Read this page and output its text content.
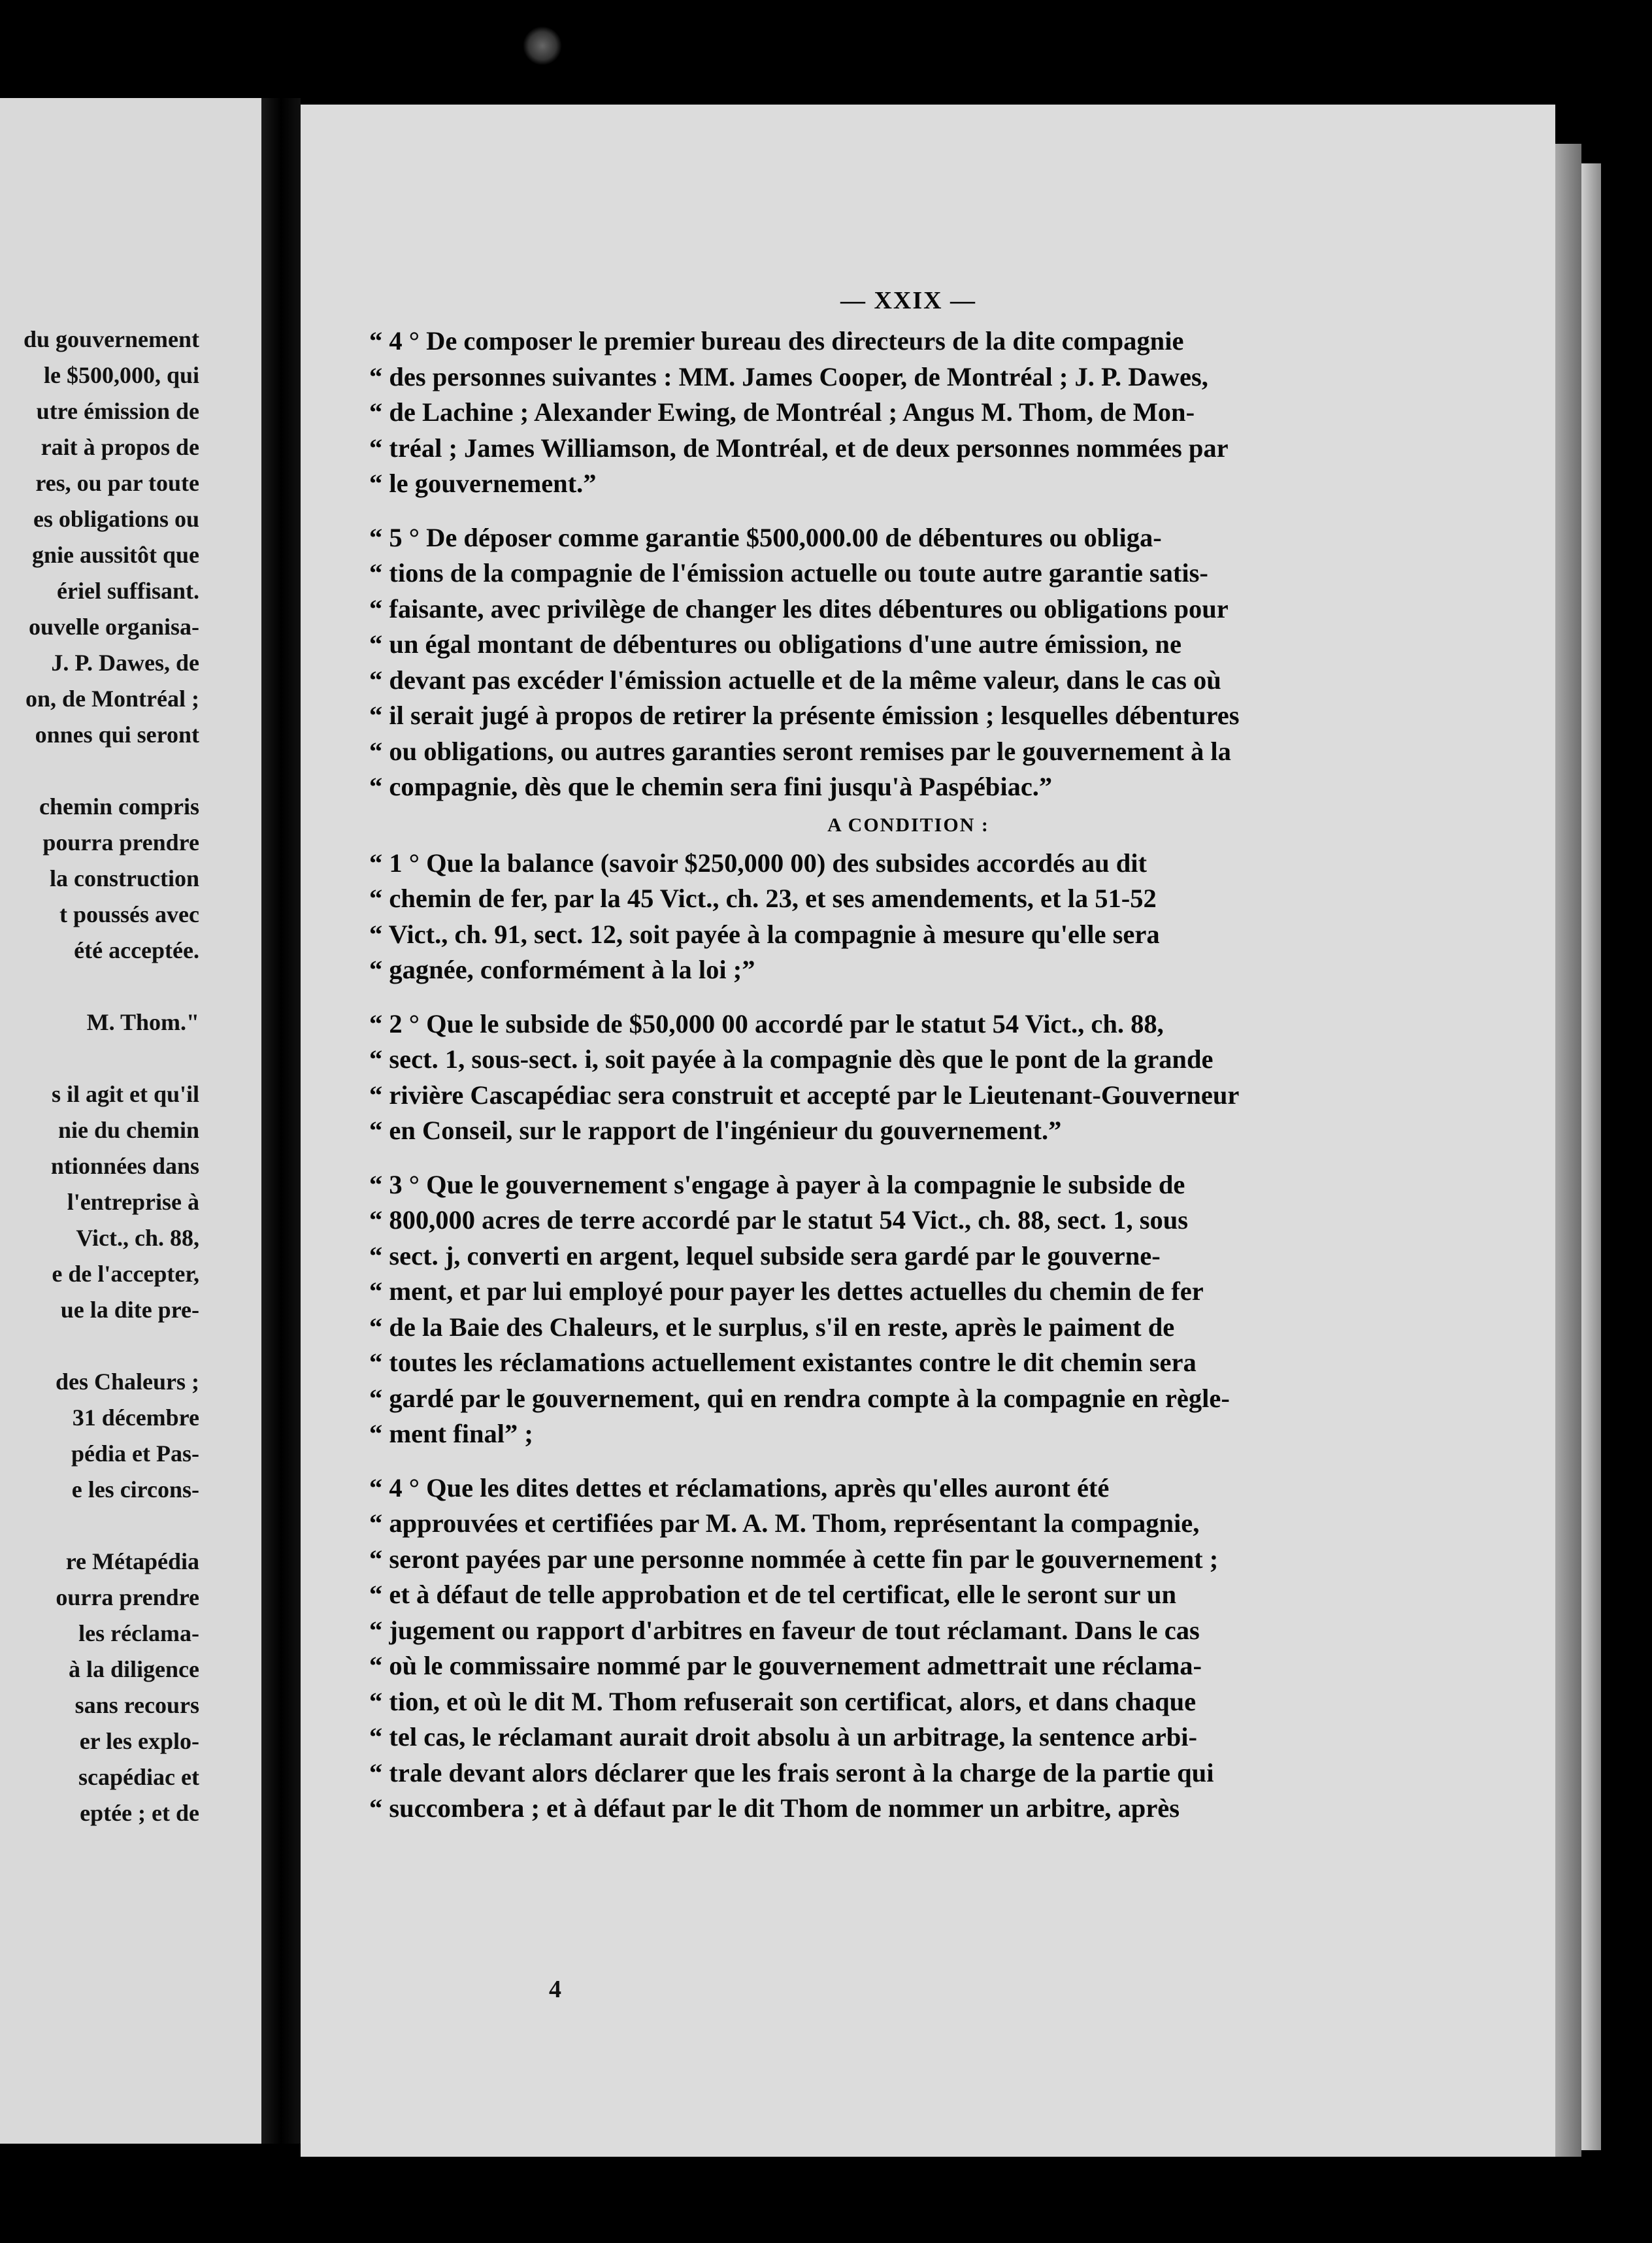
du gouvernement
le $500,000, qui
utre émission de
rait à propos de
res, ou par toute
es obligations ou
gnie aussitôt que
ériel suffisant.
ouvelle organisa-
J. P. Dawes, de
on, de Montréal ;
onnes qui seront
chemin compris
pourra prendre
la construction
t poussés avec
été acceptée.
M. Thom."
s il agit et qu'il
nie du chemin
ntionnées dans
l'entreprise à
Vict., ch. 88,
e de l'accepter,
ue la dite pre-
des Chaleurs ;
31 décembre
pédia et Pas-
e les circons-
re Métapédia
ourra prendre
les réclama-
à la diligence
sans recours
er les explo-
scapédiac et
eptée ; et de
— XXIX —
“ 4 ° De composer le premier bureau des directeurs de la dite compagnie
“ des personnes suivantes : MM. James Cooper, de Montréal ; J. P. Dawes,
“ de Lachine ; Alexander Ewing, de Montréal ; Angus M. Thom, de Mon-
“ tréal ; James Williamson, de Montréal, et de deux personnes nommées par
“ le gouvernement.”
“ 5 ° De déposer comme garantie $500,000.00 de débentures ou obliga-
“ tions de la compagnie de l'émission actuelle ou toute autre garantie satis-
“ faisante, avec privilège de changer les dites débentures ou obligations pour
“ un égal montant de débentures ou obligations d'une autre émission, ne
“ devant pas excéder l'émission actuelle et de la même valeur, dans le cas où
“ il serait jugé à propos de retirer la présente émission ; lesquelles débentures
“ ou obligations, ou autres garanties seront remises par le gouvernement à la
“ compagnie, dès que le chemin sera fini jusqu'à Paspébiac.”
A CONDITION :
“ 1 ° Que la balance (savoir $250,000 00) des subsides accordés au dit
“ chemin de fer, par la 45 Vict., ch. 23, et ses amendements, et la 51-52
“ Vict., ch. 91, sect. 12, soit payée à la compagnie à mesure qu'elle sera
“ gagnée, conformément à la loi ;”
“ 2 ° Que le subside de $50,000 00 accordé par le statut 54 Vict., ch. 88,
“ sect. 1, sous-sect. i, soit payée à la compagnie dès que le pont de la grande
“ rivière Cascapédiac sera construit et accepté par le Lieutenant-Gouverneur
“ en Conseil, sur le rapport de l'ingénieur du gouvernement.”
“ 3 ° Que le gouvernement s'engage à payer à la compagnie le subside de
“ 800,000 acres de terre accordé par le statut 54 Vict., ch. 88, sect. 1, sous
“ sect. j, converti en argent, lequel subside sera gardé par le gouverne-
“ ment, et par lui employé pour payer les dettes actuelles du chemin de fer
“ de la Baie des Chaleurs, et le surplus, s'il en reste, après le paiment de
“ toutes les réclamations actuellement existantes contre le dit chemin sera
“ gardé par le gouvernement, qui en rendra compte à la compagnie en règle-
“ ment final” ;
“ 4 ° Que les dites dettes et réclamations, après qu'elles auront été
“ approuvées et certifiées par M. A. M. Thom, représentant la compagnie,
“ seront payées par une personne nommée à cette fin par le gouvernement ;
“ et à défaut de telle approbation et de tel certificat, elle le seront sur un
“ jugement ou rapport d'arbitres en faveur de tout réclamant. Dans le cas
“ où le commissaire nommé par le gouvernement admettrait une réclama-
“ tion, et où le dit M. Thom refuserait son certificat, alors, et dans chaque
“ tel cas, le réclamant aurait droit absolu à un arbitrage, la sentence arbi-
“ trale devant alors déclarer que les frais seront à la charge de la partie qui
“ succombera ; et à défaut par le dit Thom de nommer un arbitre, après
4
